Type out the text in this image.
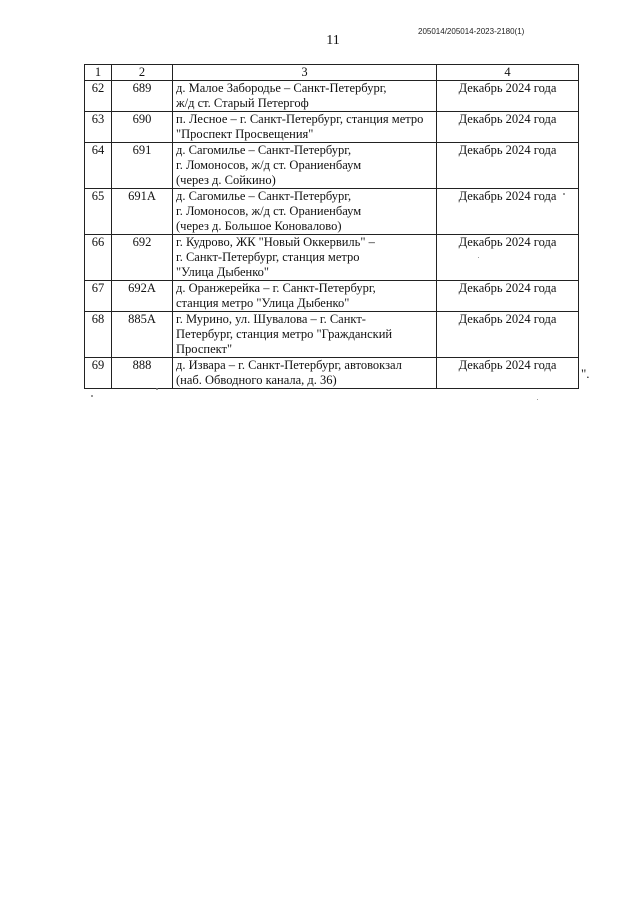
205014/205014-2023-2180(1)
11
1	2	3	4
62	689	д. Малое Забородье – Санкт-Петербург,
ж/д ст. Старый Петергоф	Декабрь 2024 года
63	690	п. Лесное – г. Санкт-Петербург, станция метро
"Проспект Просвещения"	Декабрь 2024 года
64	691	д. Сагомилье – Санкт-Петербург,
г. Ломоносов, ж/д ст. Ораниенбаум
(через д. Сойкино)	Декабрь 2024 года
65	691А	д. Сагомилье – Санкт-Петербург,
г. Ломоносов, ж/д ст. Ораниенбаум
(через д. Большое Коновалово)	Декабрь 2024 года
66	692	г. Кудрово, ЖК "Новый Оккервиль" –
г. Санкт-Петербург, станция метро
"Улица Дыбенко"	Декабрь 2024 года
67	692А	д. Оранжерейка – г. Санкт-Петербург,
станция метро "Улица Дыбенко"	Декабрь 2024 года
68	885А	г. Мурино, ул. Шувалова – г. Санкт-
Петербург, станция метро "Гражданский
Проспект"	Декабрь 2024 года
69	888	д. Извара – г. Санкт-Петербург, автовокзал
(наб. Обводного канала, д. 36)	Декабрь 2024 года
".
